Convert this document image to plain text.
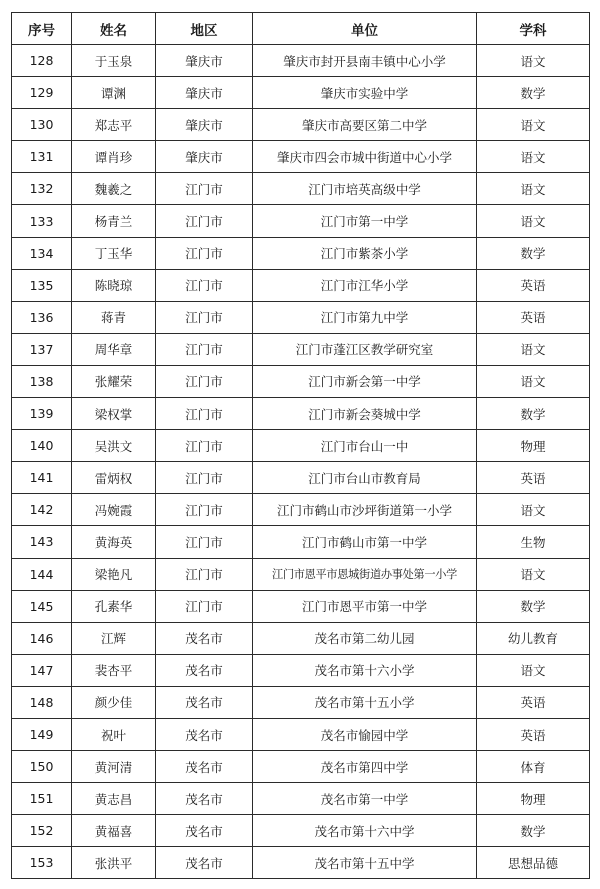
序号	姓名	地区	单位	学科
128	于玉泉	肇庆市	肇庆市封开县南丰镇中心小学	语文
129	谭渊	肇庆市	肇庆市实验中学	数学
130	郑志平	肇庆市	肇庆市高要区第二中学	语文
131	谭肖珍	肇庆市	肇庆市四会市城中街道中心小学	语文
132	魏羲之	江门市	江门市培英高级中学	语文
133	杨青兰	江门市	江门市第一中学	语文
134	丁玉华	江门市	江门市紫茶小学	数学
135	陈晓琼	江门市	江门市江华小学	英语
136	蒋青	江门市	江门市第九中学	英语
137	周华章	江门市	江门市蓬江区教学研究室	语文
138	张耀荣	江门市	江门市新会第一中学	语文
139	梁权掌	江门市	江门市新会葵城中学	数学
140	吴洪文	江门市	江门市台山一中	物理
141	雷炳权	江门市	江门市台山市教育局	英语
142	冯婉霞	江门市	江门市鹤山市沙坪街道第一小学	语文
143	黄海英	江门市	江门市鹤山市第一中学	生物
144	梁艳凡	江门市	江门市恩平市恩城街道办事处第一小学	语文
145	孔素华	江门市	江门市恩平市第一中学	数学
146	江辉	茂名市	茂名市第二幼儿园	幼儿教育
147	裴杏平	茂名市	茂名市第十六小学	语文
148	颜少佳	茂名市	茂名市第十五小学	英语
149	祝叶	茂名市	茂名市愉园中学	英语
150	黄河清	茂名市	茂名市第四中学	体育
151	黄志昌	茂名市	茂名市第一中学	物理
152	黄福喜	茂名市	茂名市第十六中学	数学
153	张洪平	茂名市	茂名市第十五中学	思想品德
